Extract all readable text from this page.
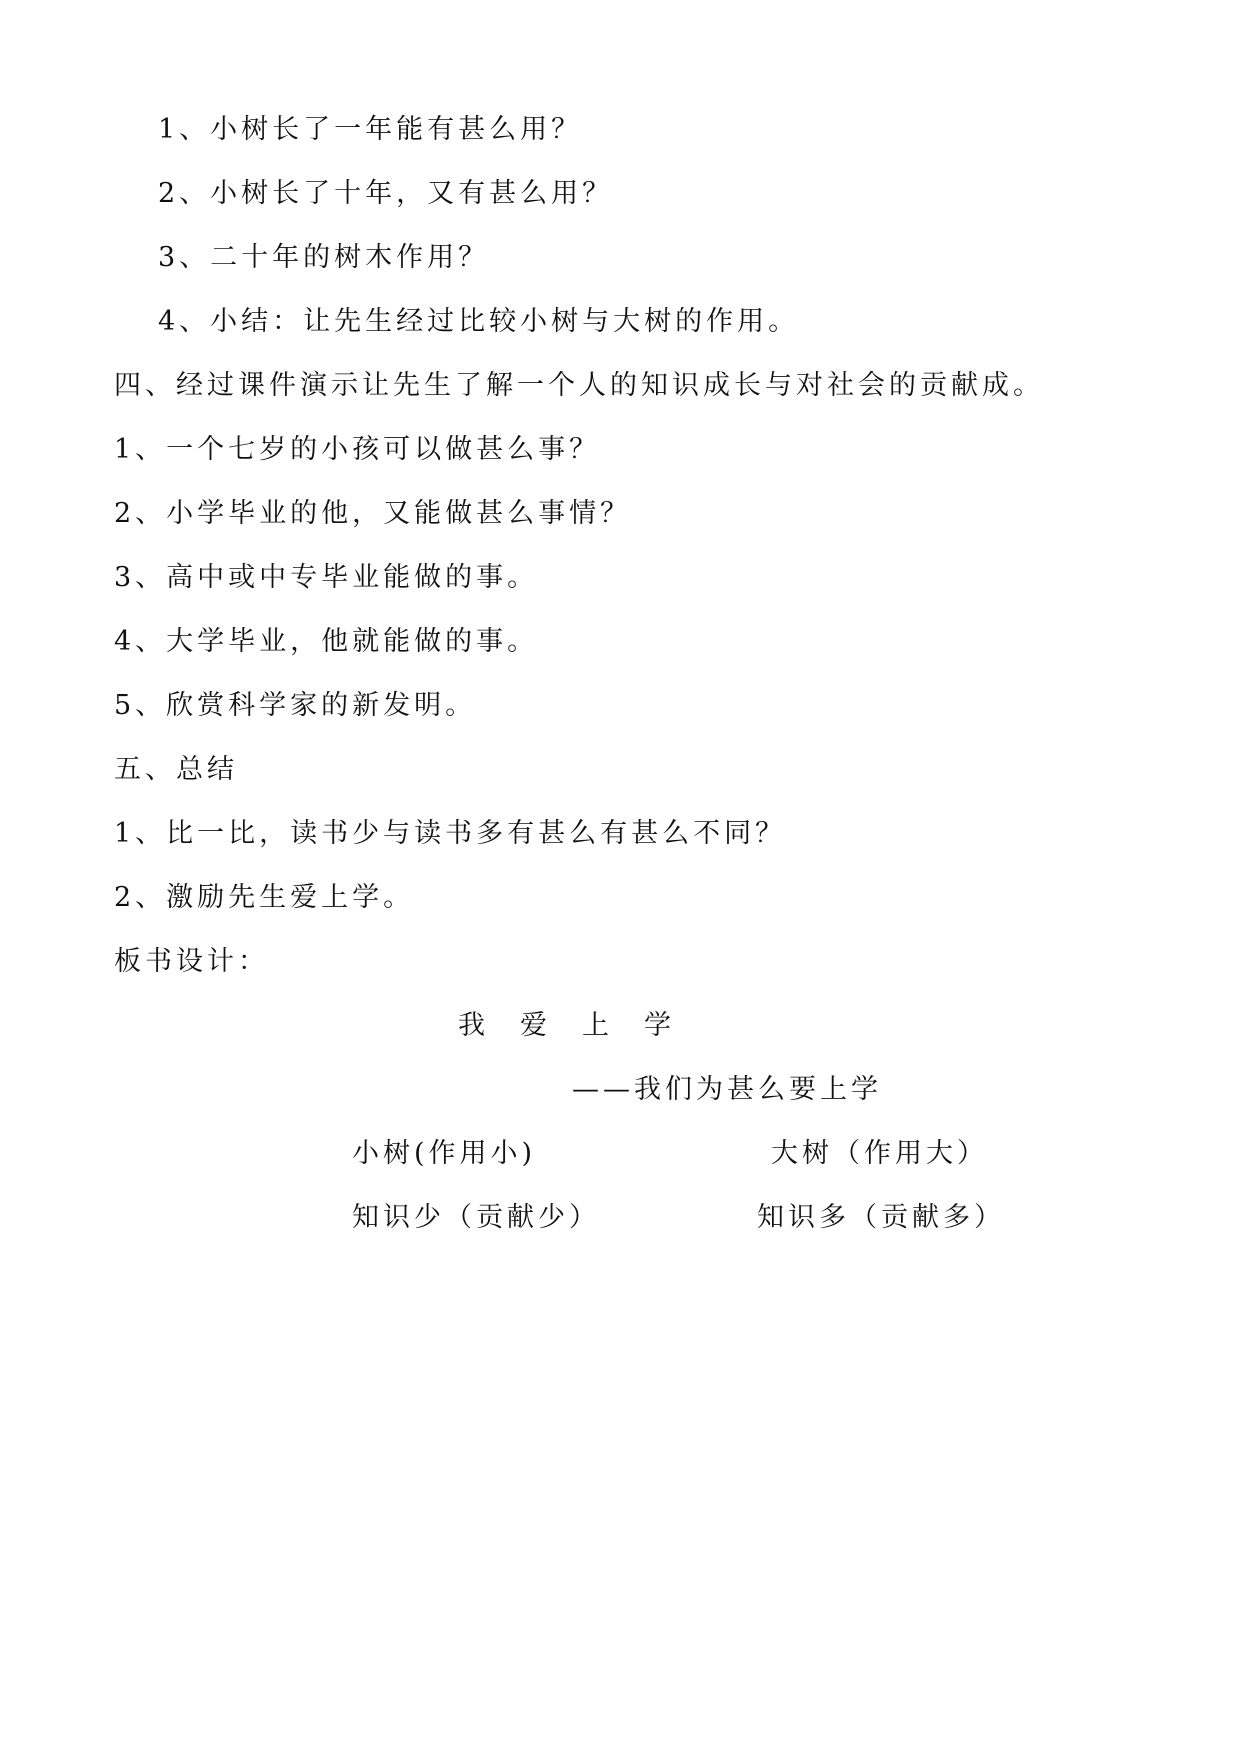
1、小树长了一年能有甚么用？
2、小树长了十年，又有甚么用？
3、二十年的树木作用？
4、小结：让先生经过比较小树与大树的作用。
四、经过课件演示让先生了解一个人的知识成长与对社会的贡献成。
1、一个七岁的小孩可以做甚么事？
2、小学毕业的他，又能做甚么事情？
3、高中或中专毕业能做的事。
4、大学毕业，他就能做的事。
5、欣赏科学家的新发明。
五、总结
1、比一比，读书少与读书多有甚么有甚么不同？
2、激励先生爱上学。
板书设计：
我　爱　上　学
——我们为甚么要上学
小树(作用小)	大树（作用大）
知识少（贡献少）	知识多（贡献多）
